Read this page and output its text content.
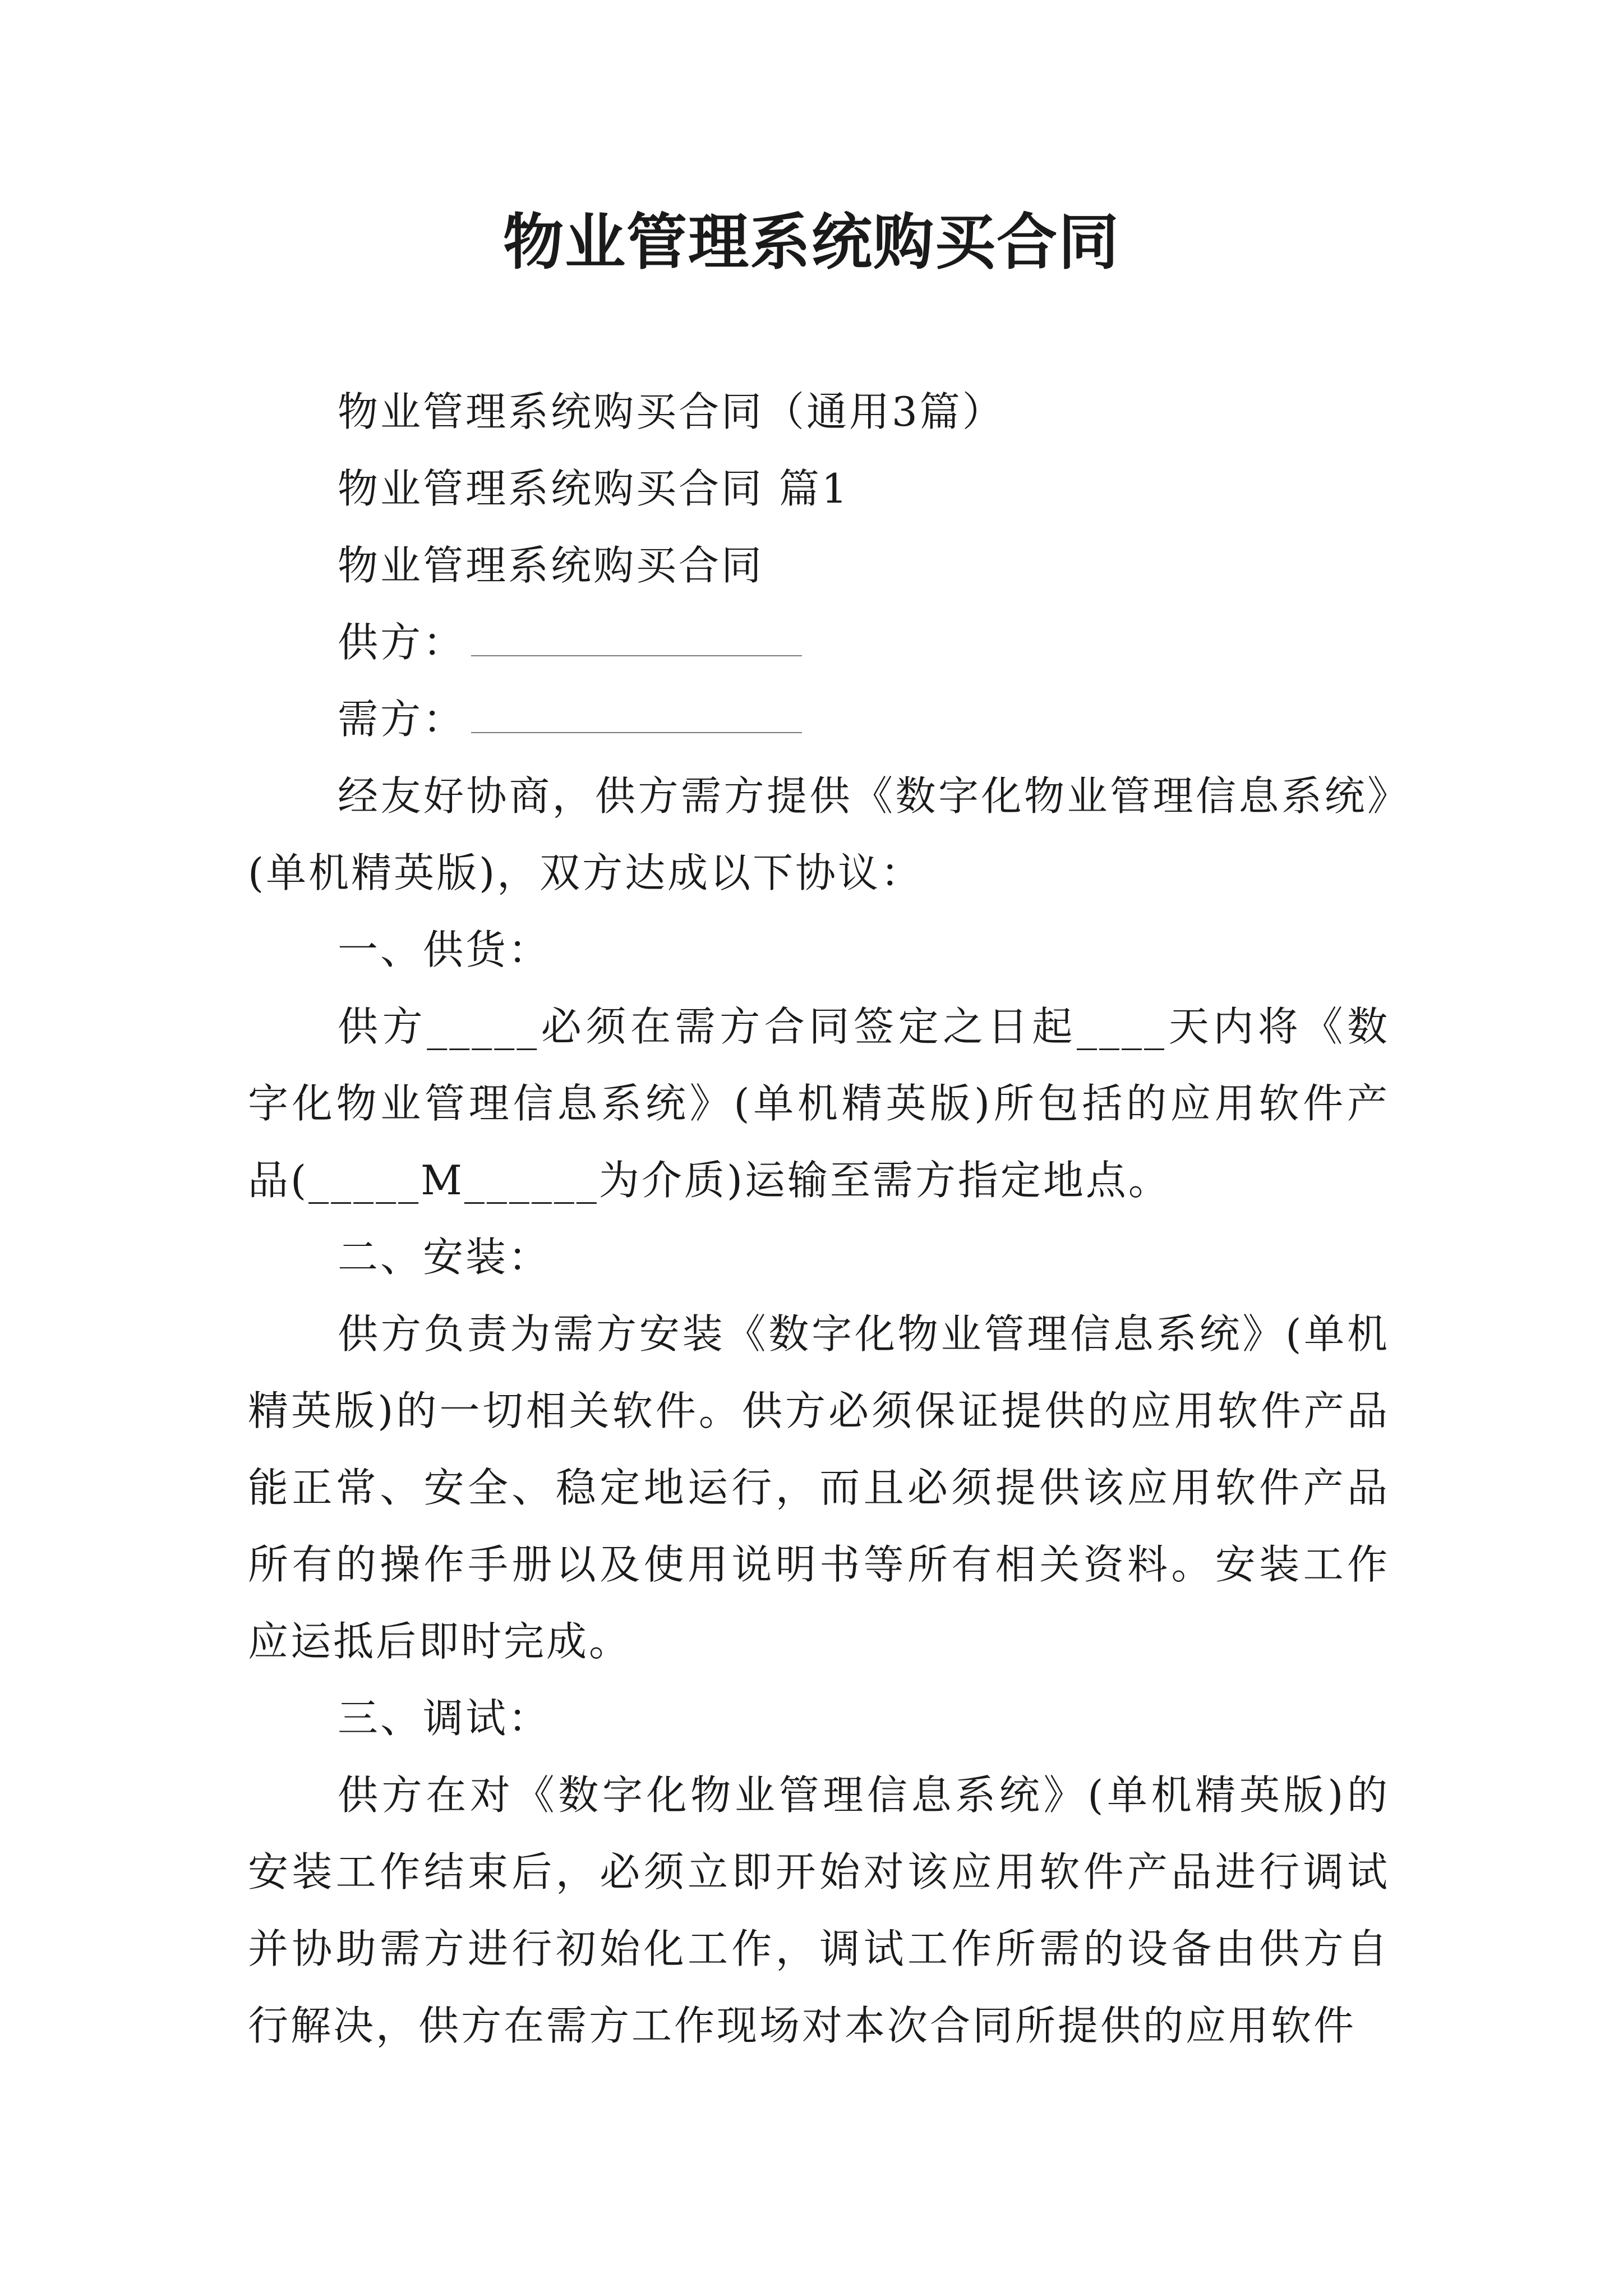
物业管理系统购买合同

物业管理系统购买合同（通用3篇）

物业管理系统购买合同 篇1

物业管理系统购买合同

供方：

需方：

经友好协商，供方需方提供《数字化物业管理信息系统》(单机精英版)，双方达成以下协议：

一、供货：

供方_____必须在需方合同签定之日起____天内将《数字化物业管理信息系统》(单机精英版)所包括的应用软件产品(_____M______为介质)运输至需方指定地点。

二、安装：

供方负责为需方安装《数字化物业管理信息系统》(单机精英版)的一切相关软件。供方必须保证提供的应用软件产品能正常、安全、稳定地运行，而且必须提供该应用软件产品所有的操作手册以及使用说明书等所有相关资料。安装工作应运抵后即时完成。

三、调试：

供方在对《数字化物业管理信息系统》(单机精英版)的安装工作结束后，必须立即开始对该应用软件产品进行调试并协助需方进行初始化工作，调试工作所需的设备由供方自行解决，供方在需方工作现场对本次合同所提供的应用软件
